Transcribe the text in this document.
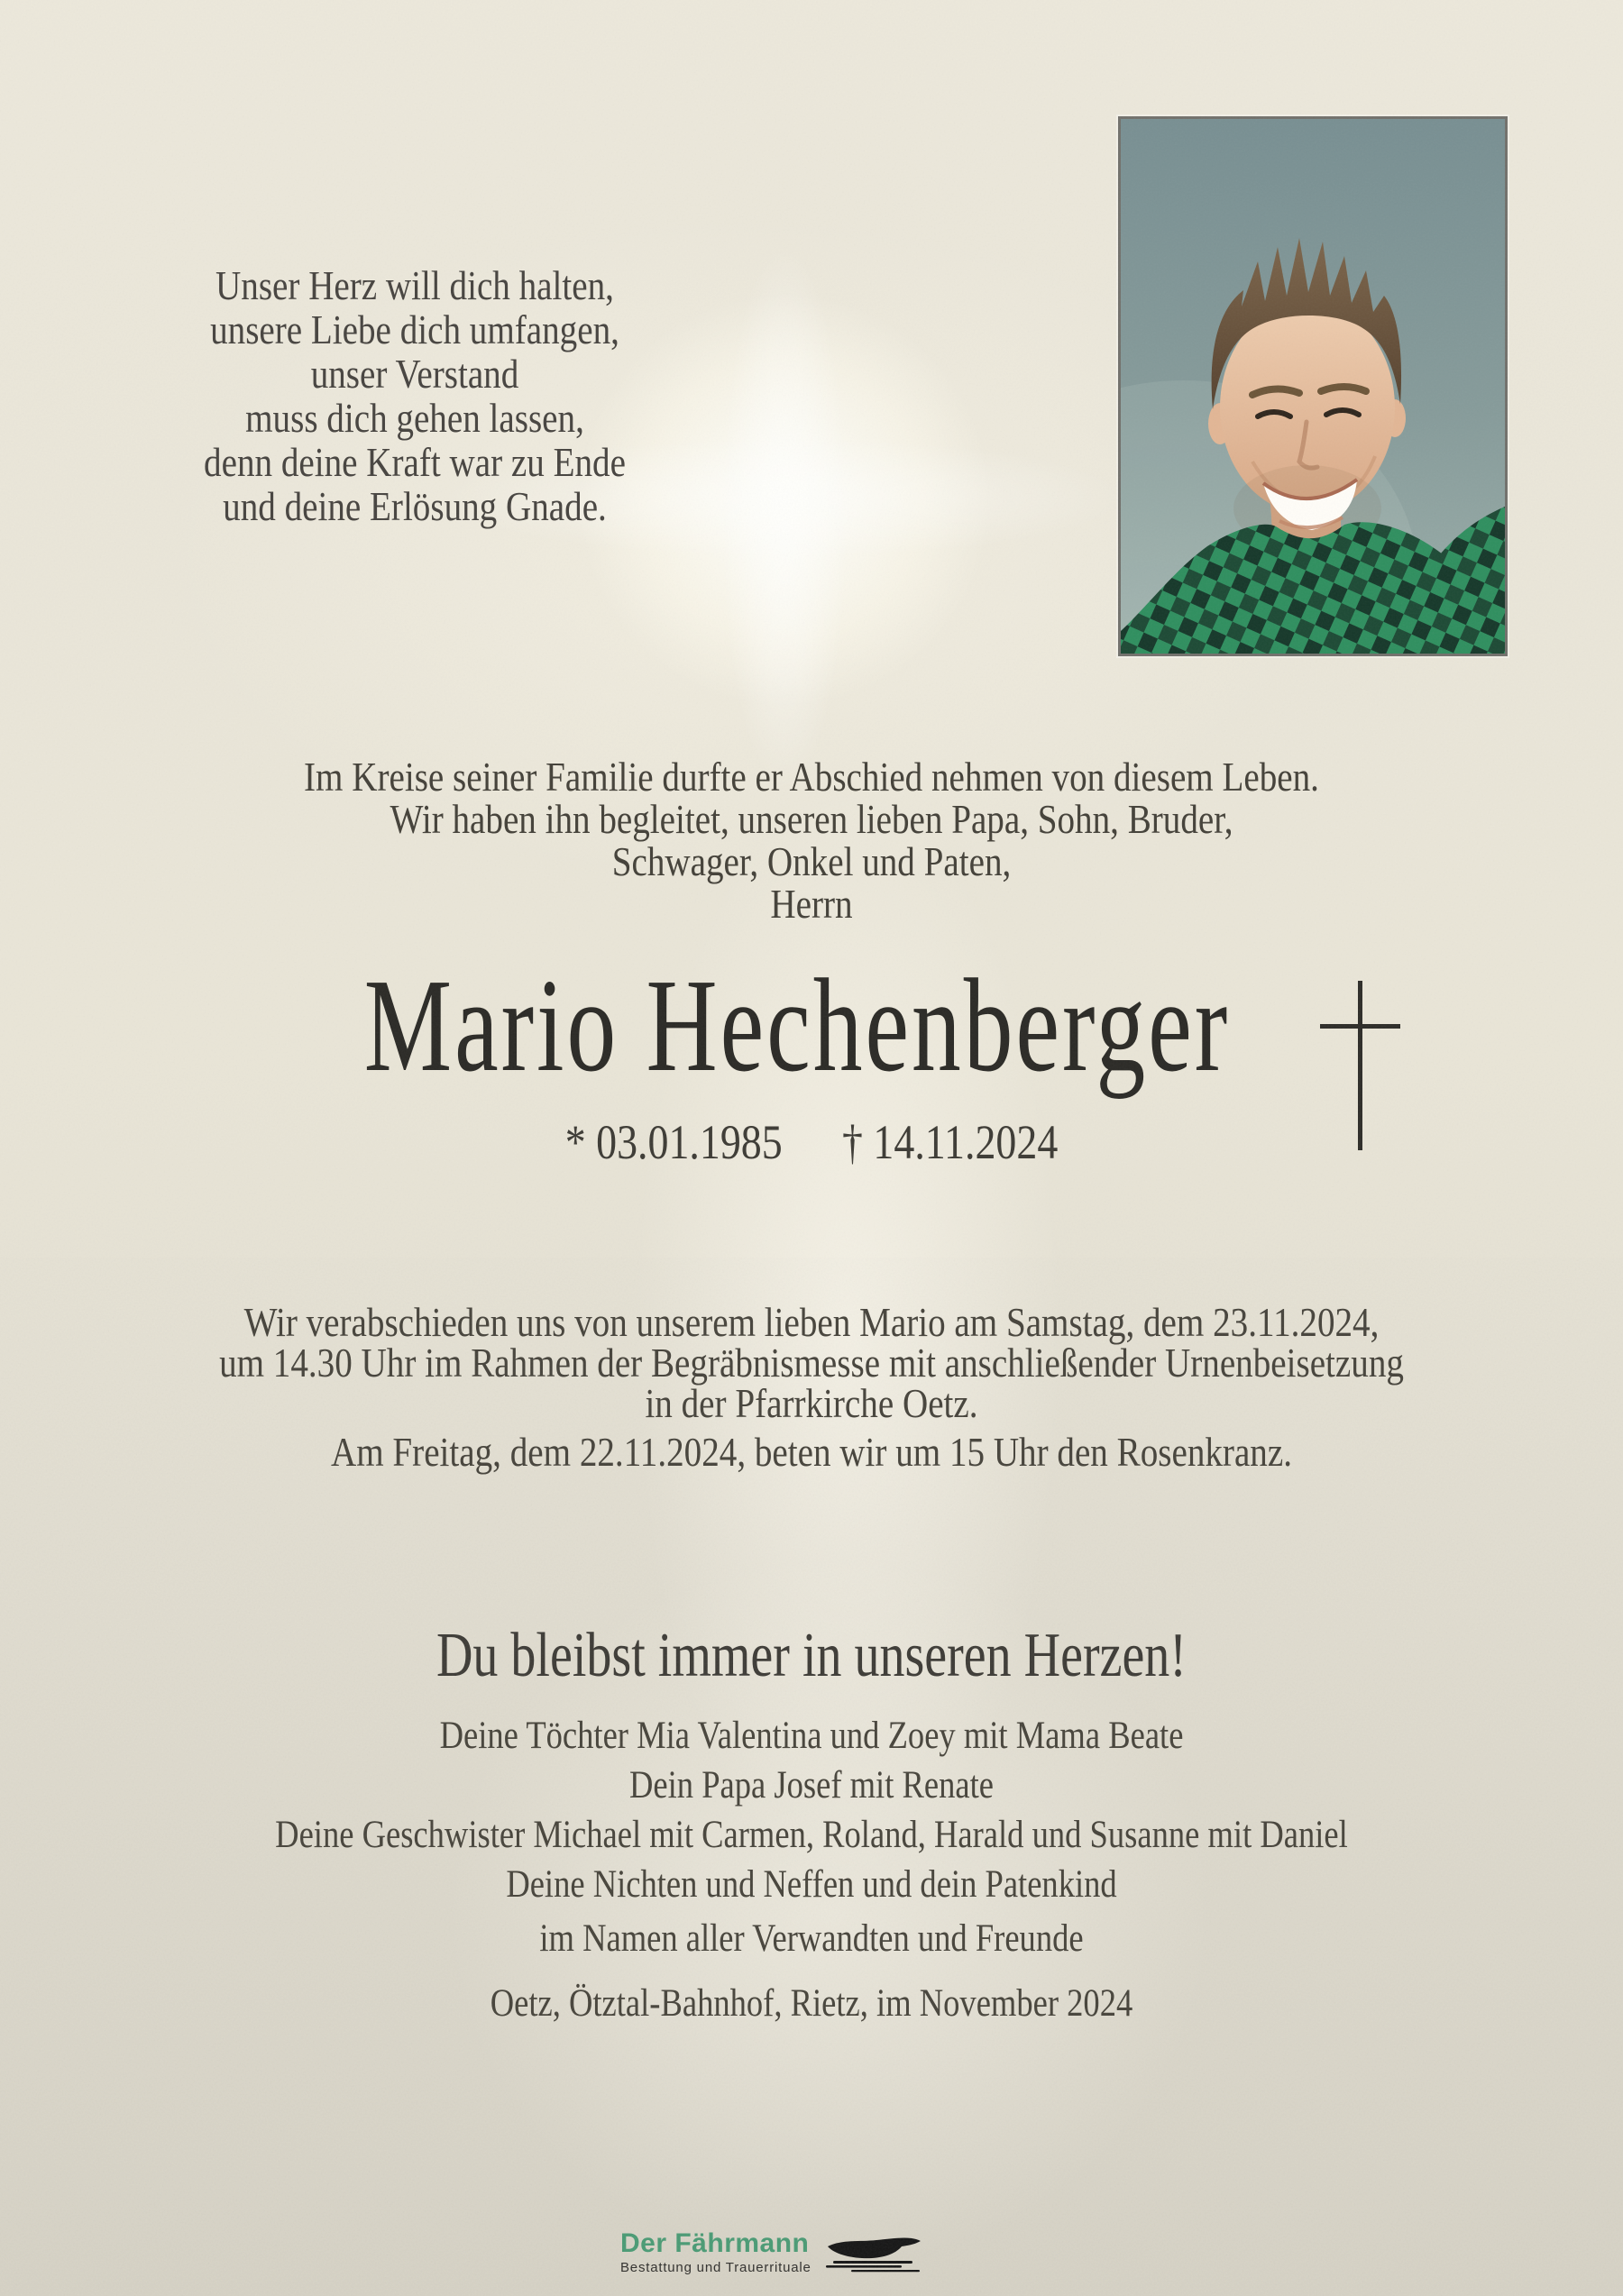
Unser Herz will dich halten,
unsere Liebe dich umfangen,
unser Verstand
muss dich gehen lassen,
denn deine Kraft war zu Ende
und deine Erlösung Gnade.
Im Kreise seiner Familie durfte er Abschied nehmen von diesem Leben.
Wir haben ihn begleitet, unseren lieben Papa, Sohn, Bruder,
Schwager, Onkel und Paten,
Herrn
Mario Hechenberger
* 03.01.1985 † 14.11.2024
Wir verabschieden uns von unserem lieben Mario am Samstag, dem 23.11.2024,
um 14.30 Uhr im Rahmen der Begräbnismesse mit anschließender Urnenbeisetzung
in der Pfarrkirche Oetz.
Am Freitag, dem 22.11.2024, beten wir um 15 Uhr den Rosenkranz.
Du bleibst immer in unseren Herzen!
Deine Töchter Mia Valentina und Zoey mit Mama Beate
Dein Papa Josef mit Renate
Deine Geschwister Michael mit Carmen, Roland, Harald und Susanne mit Daniel
Deine Nichten und Neffen und dein Patenkind
im Namen aller Verwandten und Freunde
Oetz, Ötztal-Bahnhof, Rietz, im November 2024
Der Fährmann
Bestattung und Trauerrituale
